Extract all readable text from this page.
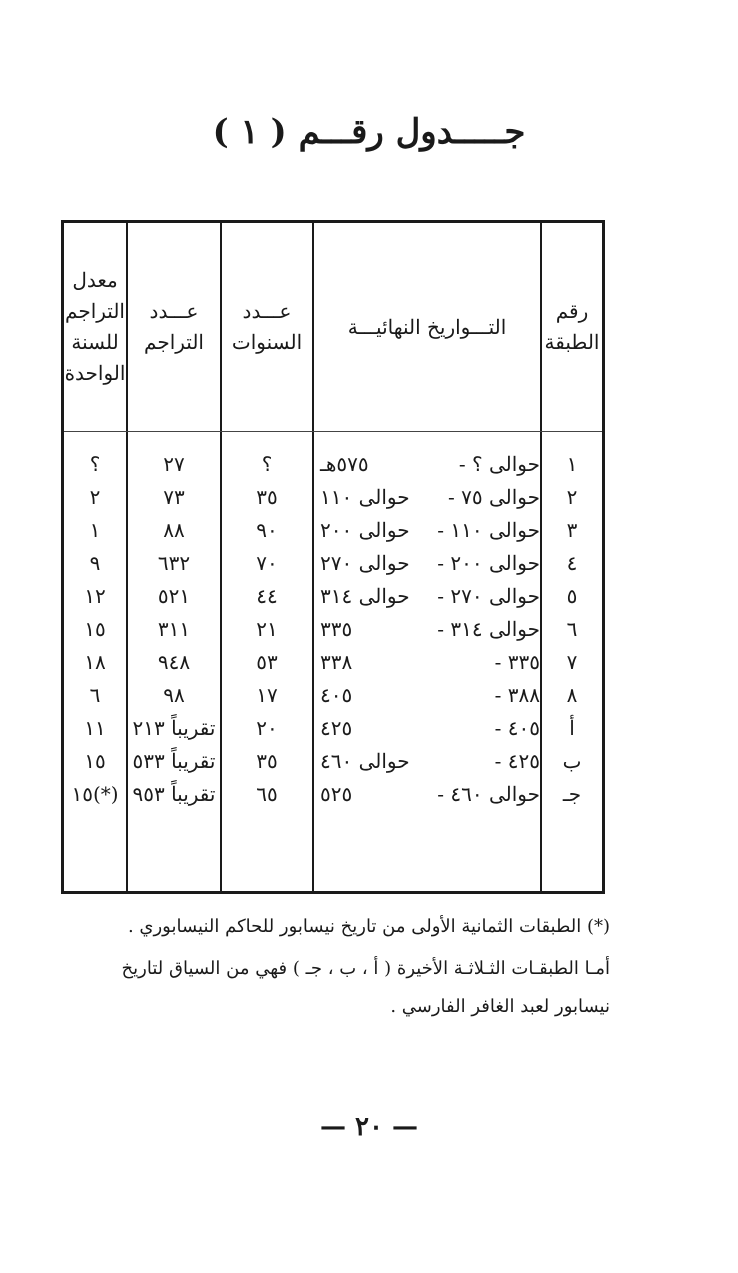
جـــــدول رقـــم ( ١ )
رقم
الطبقة
التـــواريخ النهائيـــة
عـــدد
السنوات
عـــدد
التراجم
معدل
التراجم
للسنة
الواحدة
١
حوالى ؟ -
٥٧٥هـ
؟
٢٧
؟
٢
حوالى ٧٥ -
حوالى ١١٠
٣٥
٧٣
٢
٣
حوالى ١١٠ -
حوالى ٢٠٠
٩٠
٨٨
١
٤
حوالى ٢٠٠ -
حوالى ٢٧٠
٧٠
٦٣٢
٩
٥
حوالى ٢٧٠ -
حوالى ٣١٤
٤٤
٥٢١
١٢
٦
حوالى ٣١٤ -
٣٣٥
٢١
٣١١
١٥
٧
٣٣٥ -
٣٣٨
٥٣
٩٤٨
١٨
٨
٣٨٨ -
٤٠٥
١٧
٩٨
٦
أ
٤٠٥ -
٤٢٥
٢٠
تقريباً ٢١٣
١١
ب
٤٢٥ -
حوالى ٤٦٠
٣٥
تقريباً ٥٣٣
١٥
جـ
حوالى ٤٦٠ -
٥٢٥
٦٥
تقريباً ٩٥٣
(*)١٥
(*) الطبقات الثمانية الأولى من تاريخ نيسابور للحاكم النيسابوري .
أمـا الطبقـات الثـلاثـة الأخيرة ( أ ، ب ، جـ ) فهي من السياق لتاريخ
نيسابور لعبد الغافر الفارسي .
— ٢٠ —
